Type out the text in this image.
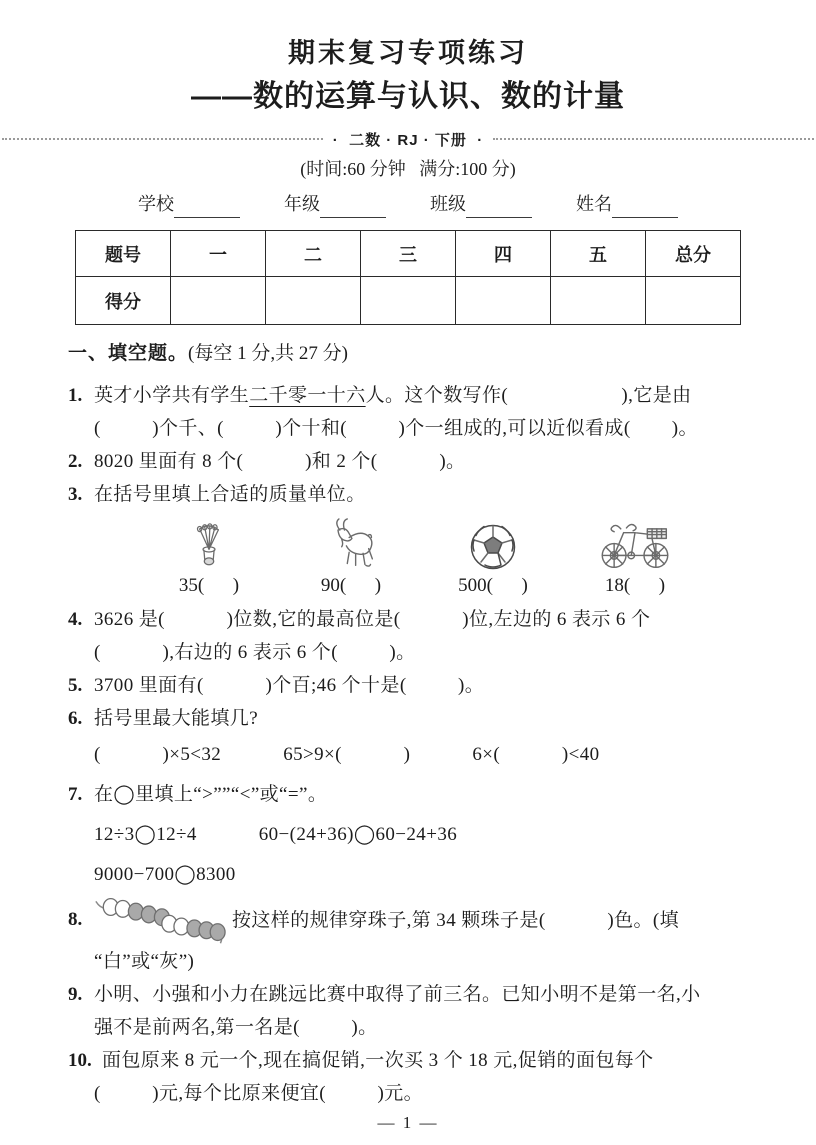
期末复习专项练习
——数的运算与认识、数的计量
·  二数 · RJ · 下册  ·
(时间:60 分钟   满分:100 分)
学校	年级	班级	姓名
题号	一	二	三	四	五	总分
得分						
一、填空题。(每空 1 分,共 27 分)
1. 英才小学共有学生二千零一十六人。这个数写作(                      ),它是由
(          )个千、(          )个十和(          )个一组成的,可以近似看成(        )。
2. 8020 里面有 8 个(            )和 2 个(            )。
3. 在括号里填上合适的质量单位。
35(      )	90(      )	500(      )	18(      )
4. 3626 是(            )位数,它的最高位是(            )位,左边的 6 表示 6 个
(            ),右边的 6 表示 6 个(          )。
5. 3700 里面有(            )个百;46 个十是(          )。
6. 括号里最大能填几?
(            )×5<32	65>9×(            )	6×(            )<40
7. 在◯里填上“>””“<”或“=”。
12÷3◯12÷4	60−(24+36)◯60−24+36
9000−700◯8300
8.	按这样的规律穿珠子,第 34 颗珠子是(            )色。(填
“白”或“灰”)
9. 小明、小强和小力在跳远比赛中取得了前三名。已知小明不是第一名,小
强不是前两名,第一名是(          )。
10. 面包原来 8 元一个,现在搞促销,一次买 3 个 18 元,促销的面包每个
(          )元,每个比原来便宜(          )元。
— 1 —
